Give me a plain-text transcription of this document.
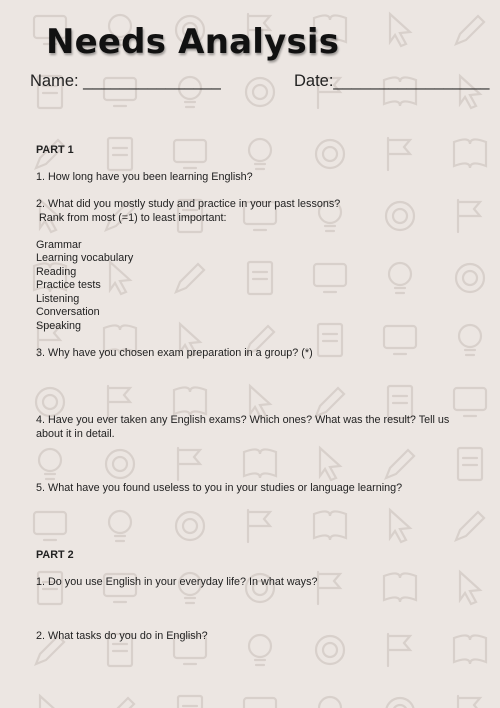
Needs Analysis
Name: _______________	Date:_________________
PART 1
1. How long have you been learning English?
2. What did you mostly study and practice in your past lessons?
Rank from most (=1) to least important:
Grammar
Learning vocabulary
Reading
Practice tests
Listening
Conversation
Speaking
3. Why have you chosen exam preparation in a group? (*)
4. Have you ever taken any English exams? Which ones? What was the result? Tell us
about it in detail.
5. What have you found useless to you in your studies or language learning?
PART 2
1. Do you use English in your everyday life? In what ways?
2. What tasks do you do in English?
